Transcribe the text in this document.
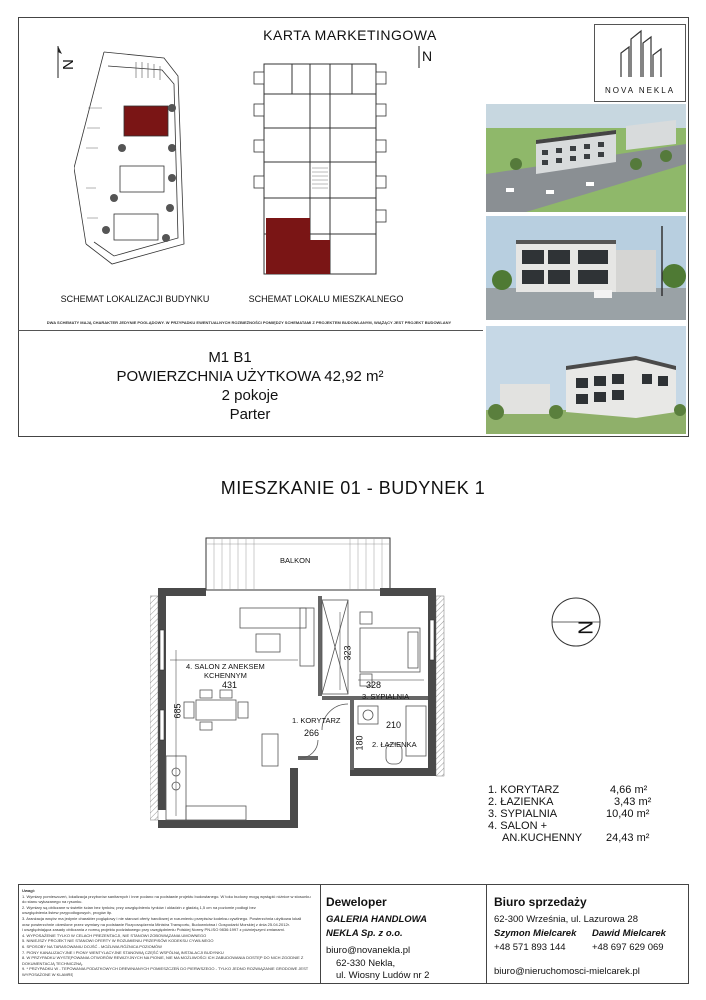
KARTA MARKETINGOWA
NOVA NEKLA
N
N
SCHEMAT LOKALIZACJI BUDYNKU	SCHEMAT LOKALU MIESZKALNEGO
DWA SCHEMATY MAJĄ CHARAKTER JEDYNIE POGLĄDOWY. W PRZYPADKU EWENTUALNYCH ROZBIEŻNOŚCI POMIĘDZY SCHEMATAMI Z PROJEKTEM BUDOWLANYM, WIĄŻĄCY JEST PROJEKT BUDOWLANY
M1 B1
POWIERZCHNIA UŻYTKOWA 42,92 m²
2 pokoje
Parter
MIESZKANIE 01 - BUDYNEK 1
BALKON
4. SALON Z ANEKSEM
KCHENNYM
431
685
323
328
3. SYPIALNIA
1. KORYTARZ
266
210
180 2. ŁAZIENKA
N
1. KORYTARZ	4,66 m²
2. ŁAZIENKA	3,43 m²
3. SYPIALNIA	10,40 m²
4. SALON +
AN.KUCHENNY 24,43 m²
Uwagi:
1. Wymiary pomieszczeń, lokalizacja przyborów sanitarnych i inne podano na podstawie projektu budowlanego. W toku budowy mogą wystąpić różnice w stosunku
do stanu wykazanego na rysunku.
2. Wymiary są obliczane w świetle ścian bez tynków, przy uwzględnieniu tynków i okładzin z gładzią 1,5 cm na poziomie podłogi bez
uwzględnienia listew przypodłogowych, progów itp.
3. Aranżacja wnętrz ma jedynie charakter poglądowy i nie stanowi oferty handlowej w rozumieniu przepisów kodeksu cywilnego. Powierzchnia użytkowa lokali
oraz powierzchnie określone przez wymiary na podstawie Rozporządzenia Ministra Transportu, Budownictwa i Gospodarki Morskiej z dnia 25.04.2012r.
i uwzględniająca zasady obliczania z normą projektu podziałowego przy uwzględnieniu Polskiej Normy PN-ISO 9836:1997 z późniejszymi zmianami.
4. WYPOSAŻENIE TYLKO W CELACH PREZENTACJI, NIE STANOWI ZOBOWIĄZANIA UMOWNEGO
5. NINIEJSZY PROJEKT NIE STANOWI OFERTY W ROZUMIENIU PRZEPISÓW KODEKSU CYWILNEGO
6. SPOSOBY NA TARASOWANIU DOJŚĆ - MOŻLIWA RÓŻNICA POZIOMÓW
7. PIONY KANALIZACYJNE I PIONY WENTYLACYJNE STANOWIĄ CZĘŚĆ WSPÓLNĄ INSTALACJI BUDYNKU
8. W PRZYPADKU WYSTĘPOWANIA OTWORÓW REWIZYJNYCH NA PIONIE, NIE MA MOŻLIWOŚCI ICH ZABUDOWANIA DOSTĘP DO NICH ZGODNIE Z
DOKUMENTACJĄ TECHNICZNĄ.
9. * PRZYPADKU W - TEPOWANIA PODATKOWYCH DREWNIANYCH POMIESZCZEŃ DO PIERWSZEGO - TYLKO JEDNO ROZWIĄZANIE GRODOWE JEST WYPOSAŻONE W KLAMRĘ
Deweloper
GALERIA HANDLOWA
NEKLA Sp. z o.o.
biuro@novanekla.pl
62-330 Nekla,
ul. Wiosny Ludów nr 2
Biuro sprzedaży
62-300 Września, ul. Lazurowa 28
Szymon Mielcarek
+48 571 893 144
Dawid Mielcarek
+48 697 629 069
biuro@nieruchomosci-mielcarek.pl
